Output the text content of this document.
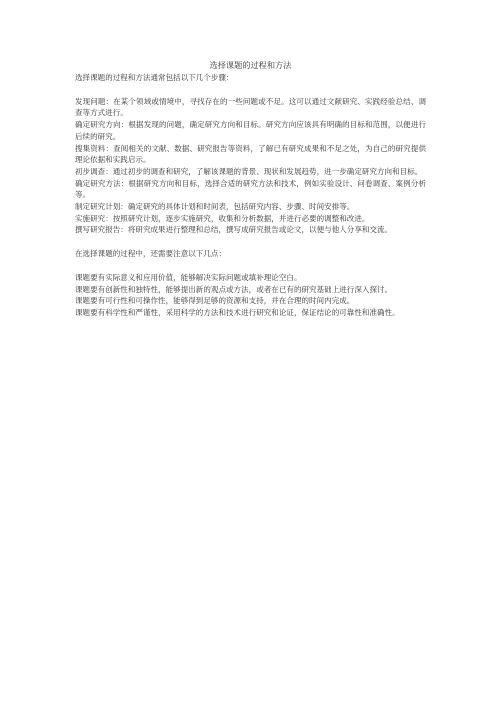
选择课题的过程和方法

选择课题的过程和方法通常包括以下几个步骤：

发现问题：在某个领域或情境中，寻找存在的一些问题或不足。这可以通过文献研究、实践经验总结、调查等方式进行。

确定研究方向：根据发现的问题，确定研究方向和目标。研究方向应该具有明确的目标和范围，以便进行后续的研究。

搜集资料：查阅相关的文献、数据、研究报告等资料，了解已有研究成果和不足之处，为自己的研究提供理论依据和实践启示。

初步调查：通过初步的调查和研究，了解该课题的背景、现状和发展趋势，进一步确定研究方向和目标。

确定研究方法：根据研究方向和目标，选择合适的研究方法和技术，例如实验设计、问卷调查、案例分析等。

制定研究计划：确定研究的具体计划和时间表，包括研究内容、步骤、时间安排等。

实施研究：按照研究计划，逐步实施研究，收集和分析数据，并进行必要的调整和改进。

撰写研究报告：将研究成果进行整理和总结，撰写成研究报告或论文，以便与他人分享和交流。

在选择课题的过程中，还需要注意以下几点：

课题要有实际意义和应用价值，能够解决实际问题或填补理论空白。

课题要有创新性和独特性，能够提出新的观点或方法，或者在已有的研究基础上进行深入探讨。

课题要有可行性和可操作性，能够得到足够的资源和支持，并在合理的时间内完成。

课题要有科学性和严谨性，采用科学的方法和技术进行研究和论证，保证结论的可靠性和准确性。
